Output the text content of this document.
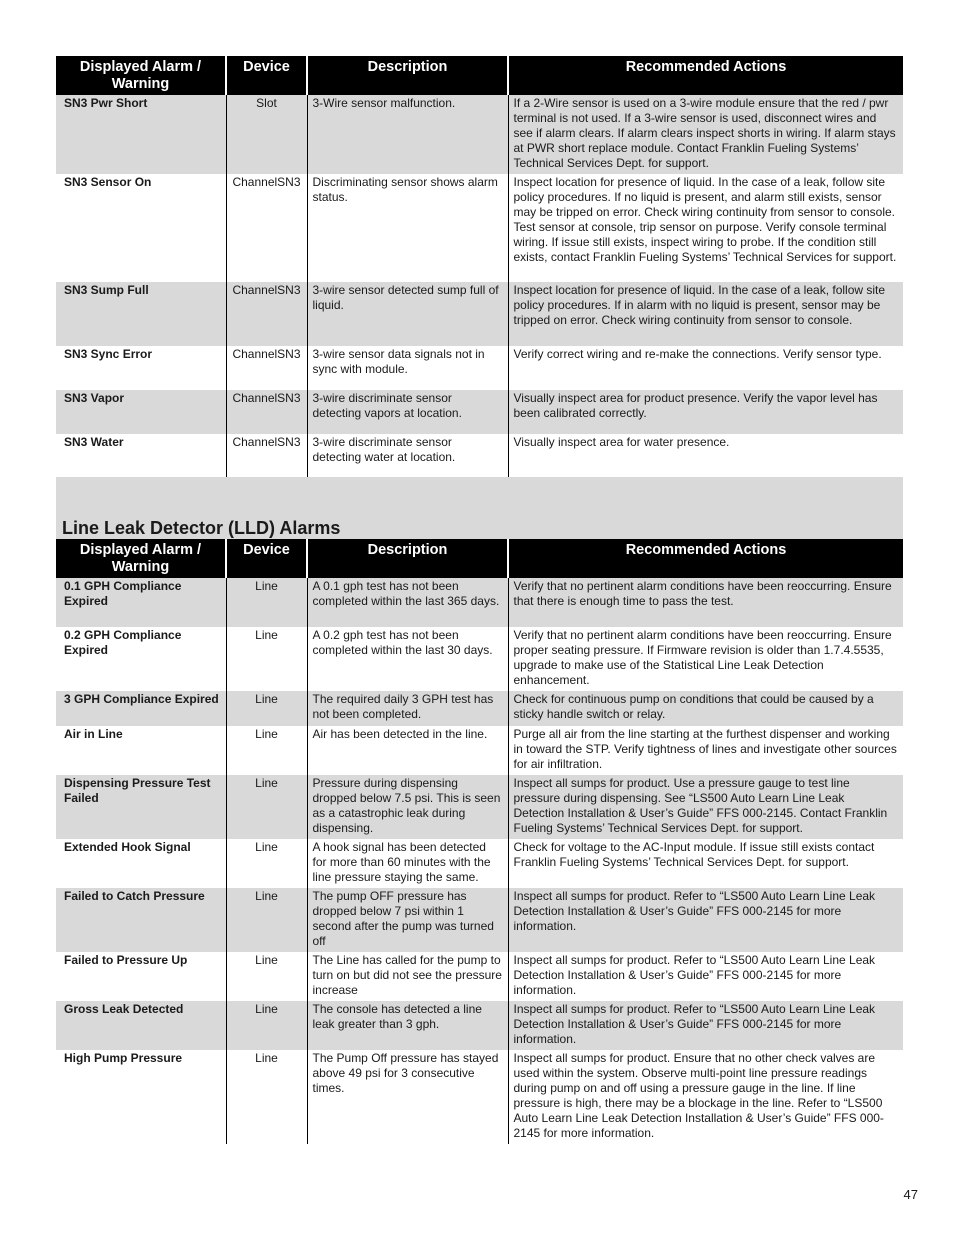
Displayed Alarm / Warning	Device	Description	Recommended Actions
SN3 Pwr Short	Slot	3-Wire sensor malfunction.	If a 2-Wire sensor is used on a 3-wire module ensure that the red / pwr terminal is not used. If a 3-wire sensor is used, disconnect wires and see if alarm clears. If alarm clears inspect shorts in wiring. If alarm stays at PWR short replace module. Contact Franklin Fueling Systems’ Technical Services Dept. for support.
SN3 Sensor On	ChannelSN3	Discriminating sensor shows alarm status.	Inspect location for presence of liquid. In the case of a leak, follow site policy procedures. If no liquid is present, and alarm still exists, sensor may be tripped on error. Check wiring continuity from sensor to console. Test sensor at console, trip sensor on purpose. Verify console terminal wiring. If issue still exists, inspect wiring to probe. If the condition still exists, contact Franklin Fueling Systems’ Technical Services for support.
SN3 Sump Full	ChannelSN3	3-wire sensor detected sump full of liquid.	Inspect location for presence of liquid. In the case of a leak, follow site policy procedures. If in alarm with no liquid is present, sensor may be tripped on error. Check wiring continuity from sensor to console.
SN3 Sync Error	ChannelSN3	3-wire sensor data signals not in sync with module.	Verify correct wiring and re-make the connections. Verify sensor type.
SN3 Vapor	ChannelSN3	3-wire discriminate sensor detecting vapors at location.	Visually inspect area for product presence. Verify the vapor level has been calibrated correctly.
SN3 Water	ChannelSN3	3-wire discriminate sensor detecting water at location.	Visually inspect area for water presence.
Line Leak Detector (LLD) Alarms
Displayed Alarm / Warning	Device	Description	Recommended Actions
0.1 GPH Compliance Expired	Line	A 0.1 gph test has not been completed within the last 365 days.	Verify that no pertinent alarm conditions have been reoccurring. Ensure that there is enough time to pass the test.
0.2 GPH Compliance Expired	Line	A 0.2 gph test has not been completed within the last 30 days.	Verify that no pertinent alarm conditions have been reoccurring. Ensure proper seating pressure. If Firmware revision is older than 1.7.4.5535, upgrade to make use of the Statistical Line Leak Detection enhancement.
3 GPH Compliance Expired	Line	The required daily 3 GPH test has not been completed.	Check for continuous pump on conditions that could be caused by a sticky handle switch or relay.
Air in Line	Line	Air has been detected in the line.	Purge all air from the line starting at the furthest dispenser and working in toward the STP. Verify tightness of lines and investigate other sources for air infiltration.
Dispensing Pressure Test Failed	Line	Pressure during dispensing dropped below 7.5 psi. This is seen as a catastrophic leak during dispensing.	Inspect all sumps for product. Use a pressure gauge to test line pressure during dispensing. See “LS500 Auto Learn Line Leak Detection Installation & User’s Guide” FFS 000-2145. Contact Franklin Fueling Systems’ Technical Services Dept. for support.
Extended Hook Signal	Line	A hook signal has been detected for more than 60 minutes with the line pressure staying the same.	Check for voltage to the AC-Input module. If issue still exists contact Franklin Fueling Systems’ Technical Services Dept. for support.
Failed to Catch Pressure	Line	The pump OFF pressure has dropped below 7 psi within 1 second after the pump was turned off	Inspect all sumps for product. Refer to “LS500 Auto Learn Line Leak Detection Installation & User’s Guide” FFS 000-2145 for more information.
Failed to Pressure Up	Line	The Line has called for the pump to turn on but did not see the pressure increase	Inspect all sumps for product. Refer to “LS500 Auto Learn Line Leak Detection Installation & User’s Guide” FFS 000-2145 for more information.
Gross Leak Detected	Line	The console has detected a line leak greater than 3 gph.	Inspect all sumps for product. Refer to “LS500 Auto Learn Line Leak Detection Installation & User’s Guide” FFS 000-2145 for more information.
High Pump Pressure	Line	The Pump Off pressure has stayed above 49 psi for 3 consecutive times.	Inspect all sumps for product. Ensure that no other check valves are used within the system. Observe multi-point line pressure readings during pump on and off using a pressure gauge in the line. If line pressure is high, there may be a blockage in the line. Refer to “LS500 Auto Learn Line Leak Detection Installation & User’s Guide” FFS 000-2145 for more information.
47
